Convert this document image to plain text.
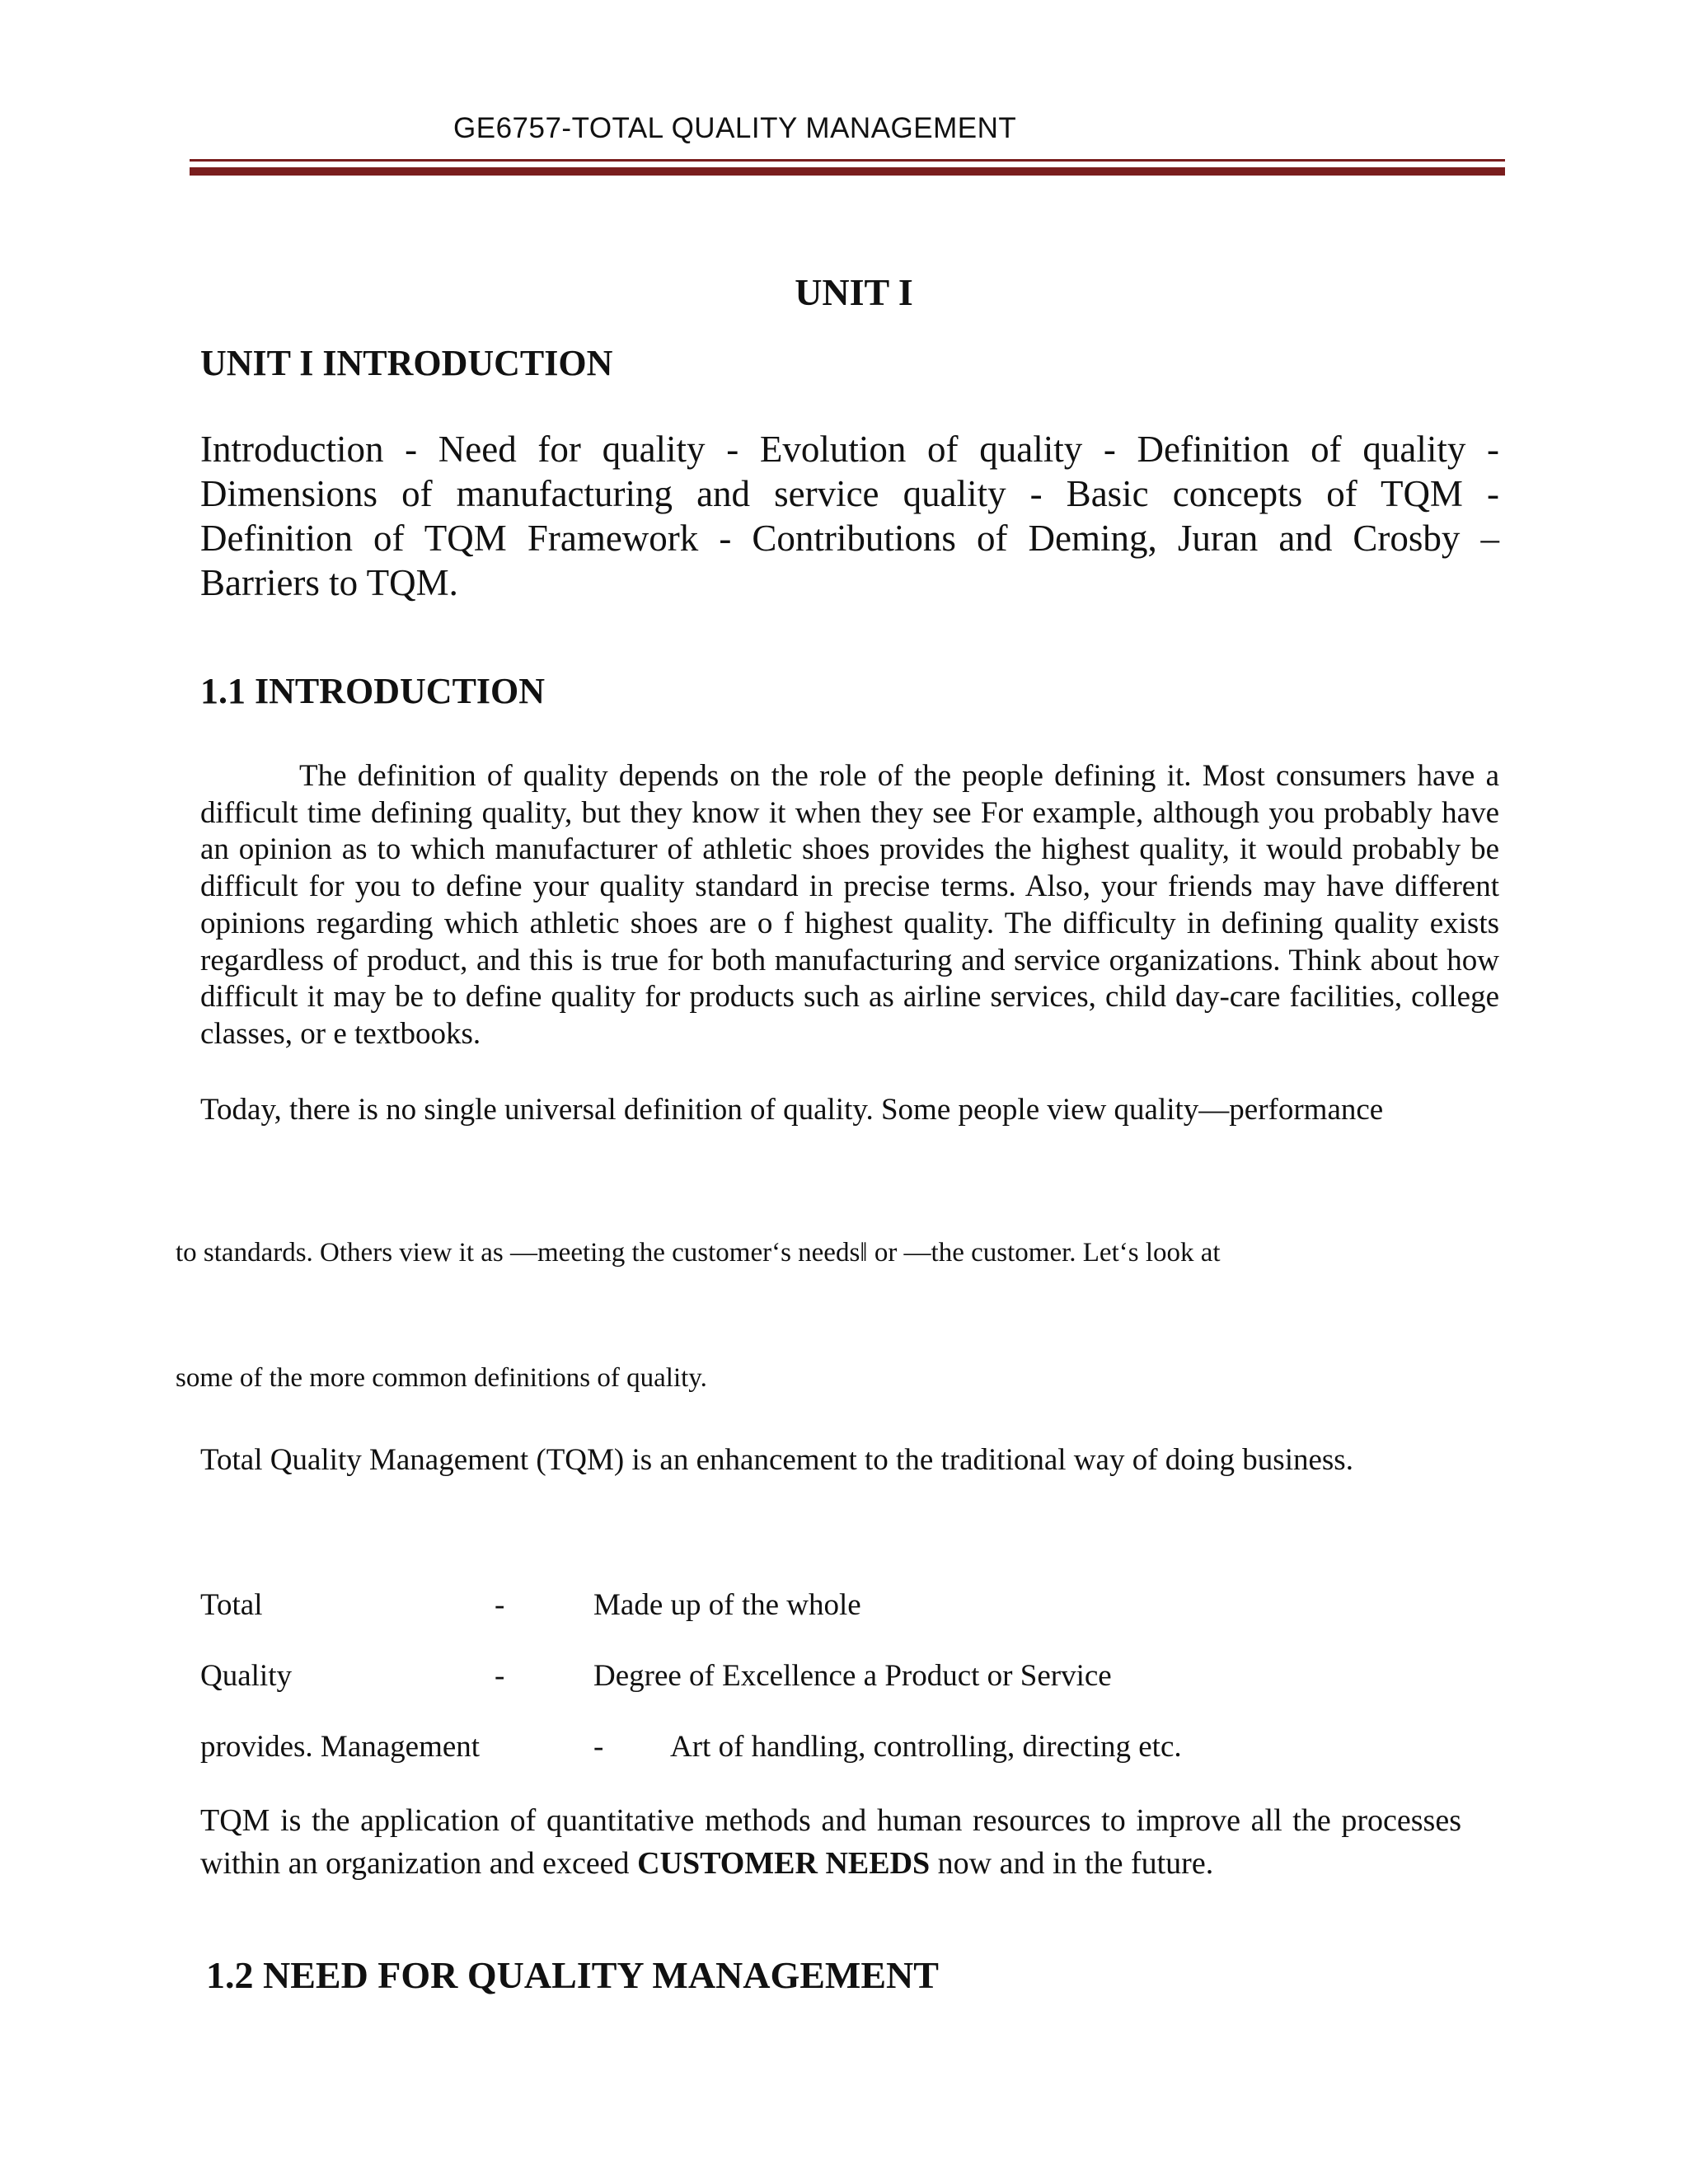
GE6757-TOTAL QUALITY MANAGEMENT
UNIT I
UNIT I INTRODUCTION
Introduction - Need for quality - Evolution of quality - Definition of quality - Dimensions of manufacturing and service quality - Basic concepts of TQM - Definition of TQM Framework - Contributions of Deming, Juran and Crosby – Barriers to TQM.
1.1 INTRODUCTION

The definition of quality depends on the role of the people defining it. Most consumers have a difficult time defining quality, but they know it when they see For example, although you probably have an opinion as to which manufacturer of athletic shoes provides the highest quality, it would probably be difficult for you to define your quality standard in precise terms. Also, your friends may have different opinions regarding which athletic shoes are o f highest quality. The difficulty in defining quality exists regardless of product, and this is true for both manufacturing and service organizations. Think about how difficult it may be to define quality for products such as airline services, child day-care facilities, college classes, or e textbooks.

Today, there is no single universal definition of quality. Some people view quality―performance

to standards. Others view it as ―meeting the customer‘s needs‖ or ―the customer. Let‘s look at
some of the more common definitions of quality.

Total Quality Management (TQM) is an enhancement to the traditional way of doing business.

Total	-	Made up of the whole
Quality	-	Degree of Excellence a Product or Service
provides. Management	- Art of handling, controlling, directing etc.

TQM is the application of quantitative methods and human resources to improve all the processes within an organization and exceed CUSTOMER NEEDS now and in the future.

1.2 NEED FOR QUALITY MANAGEMENT
